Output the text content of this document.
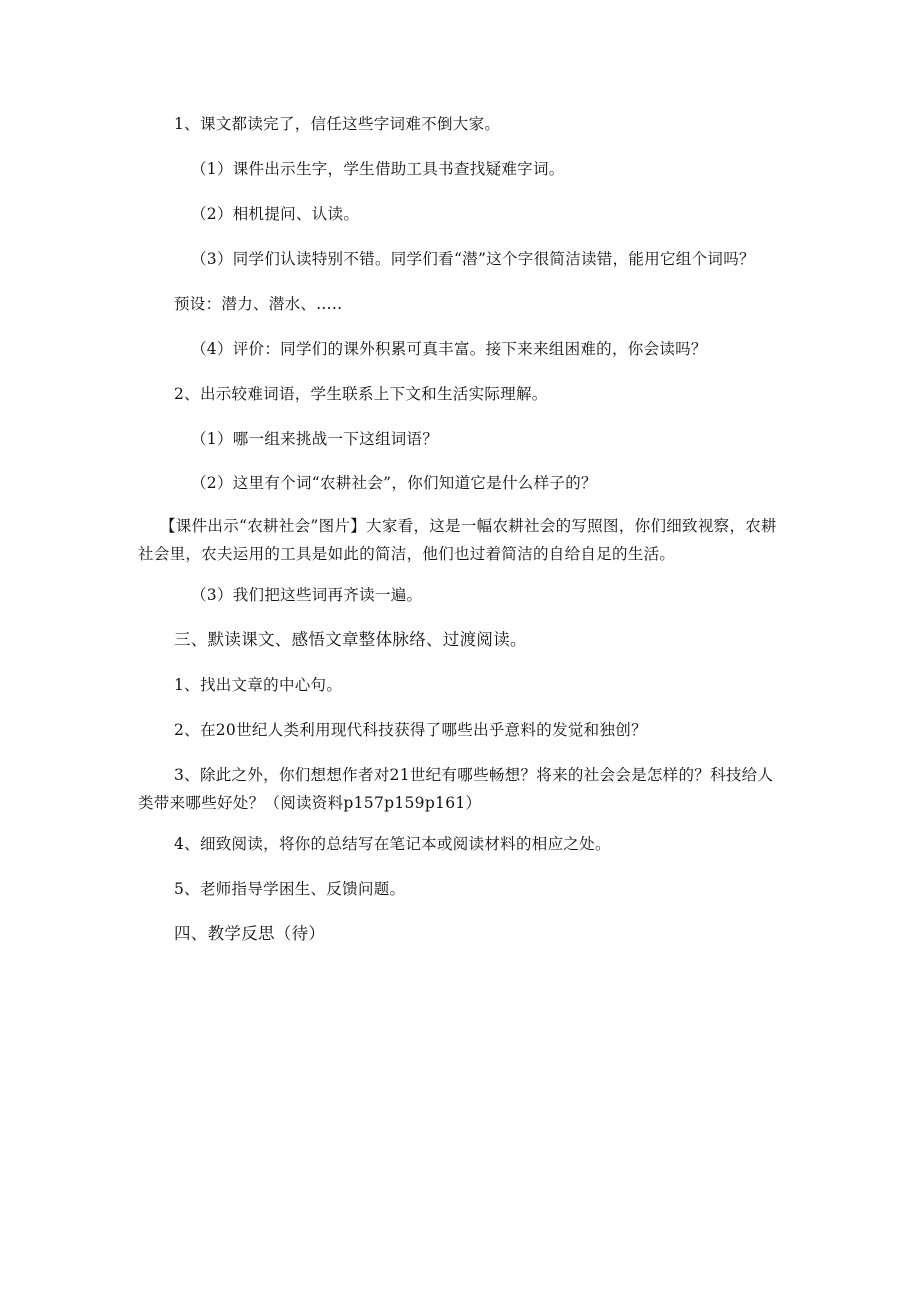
1、课文都读完了，信任这些字词难不倒大家。
（1）课件出示生字，学生借助工具书查找疑难字词。
（2）相机提问、认读。
（3）同学们认读特别不错。同学们看“潜”这个字很简洁读错，能用它组个词吗？
预设：潜力、潜水、.....
（4）评价：同学们的课外积累可真丰富。接下来来组困难的，你会读吗？
2、出示较难词语，学生联系上下文和生活实际理解。
（1）哪一组来挑战一下这组词语？
（2）这里有个词“农耕社会”，你们知道它是什么样子的？
【课件出示“农耕社会”图片】大家看，这是一幅农耕社会的写照图，你们细致视察，农耕社会里，农夫运用的工具是如此的简洁，他们也过着简洁的自给自足的生活。
（3）我们把这些词再齐读一遍。
三、默读课文、感悟文章整体脉络、过渡阅读。
1、找出文章的中心句。
2、在20世纪人类利用现代科技获得了哪些出乎意料的发觉和独创？
3、除此之外，你们想想作者对21世纪有哪些畅想？将来的社会会是怎样的？科技给人类带来哪些好处？（阅读资料p157p159p161）
4、细致阅读，将你的总结写在笔记本或阅读材料的相应之处。
5、老师指导学困生、反馈问题。
四、教学反思（待）
